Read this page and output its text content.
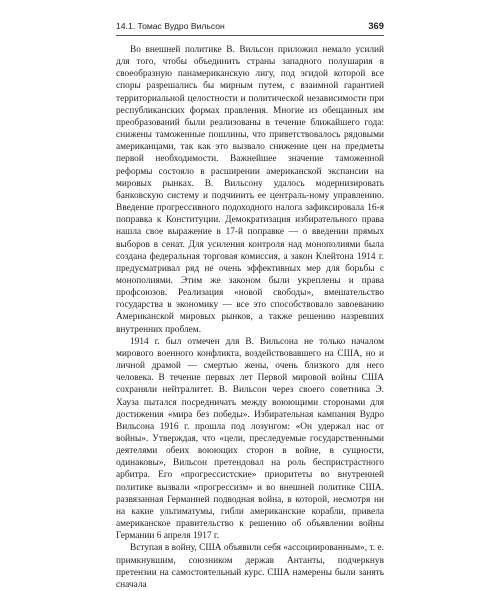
14.1. Томас Вудро Вильсон	369

Во внешней политике В. Вильсон приложил немало усилий для того, чтобы объединить страны западного полушария в своеобразную панамериканскую лигу, под эгидой которой все споры разрешались бы мирным путем, с взаимной гарантией территориальной целостности и политической независимости при республиканских формах правления. Многие из обещанных им преобразований были реализованы в течение ближайшего года: снижены таможенные пошлины, что приветствовалось рядовыми американцами, так как это вызвало снижение цен на предметы первой необходимости. Важнейшее значение таможенной реформы состояло в расширении американской экспансии на мировых рынках. В. Вильсону удалось модернизировать банковскую систему и подчинить ее централь-ному управлению. Введение прогрессивного подоходного налога зафиксировала 16-я поправка к Конституции. Демократизация избирательного права нашла свое выражение в 17-й поправке — о введении прямых выборов в сенат. Для усиления контроля над монополиями была создана федеральная торговая комиссия, а закон Клейтона 1914 г. предусматривал ряд не очень эффективных мер для борьбы с монополиями. Этим же законом были укреплены и права профсоюзов. Реализация «новой свободы», вмешательство государства в экономику — все это способствовало завоеванию Американской мировых рынков, а также решению назревших внутренних проблем.

1914 г. был отмечен для В. Вильсона не только началом мирового военного конфликта, воздействовавшего на США, но и личной драмой — смертью жены, очень близкого для него человека. В течение первых лет Первой мировой войны США сохраняли нейтралитет. В. Вильсон через своего советника Э. Хауза пытался посредничать между воюющими сторонами для достижения «мира без победы». Избирательная кампания Вудро Вильсона 1916 г. прошла под лозунгом: «Он удержал нас от войны». Утверждая, что «цели, преследуемые государственными деятелями обеих воюющих сторон в войне, в сущности, одинаковы», Вильсон претендовал на роль беспристрастного арбитра. Его «прогрессистские» приоритеты во внутренней политике вызвали «прогрессизм» и во внешней политике США. развязанная Германией подводная война, в которой, несмотря ни на какие ультиматумы, гибли американские корабли, привела американское правительство к решению об объявлении войны Германии 6 апреля 1917 г.

Вступая в войну, США объявили себя «ассоциированным», т. е. примкнувшим, союзником держав Антанты, подчеркнув претензии на самостоятельный курс. США намерены были занять сначала
